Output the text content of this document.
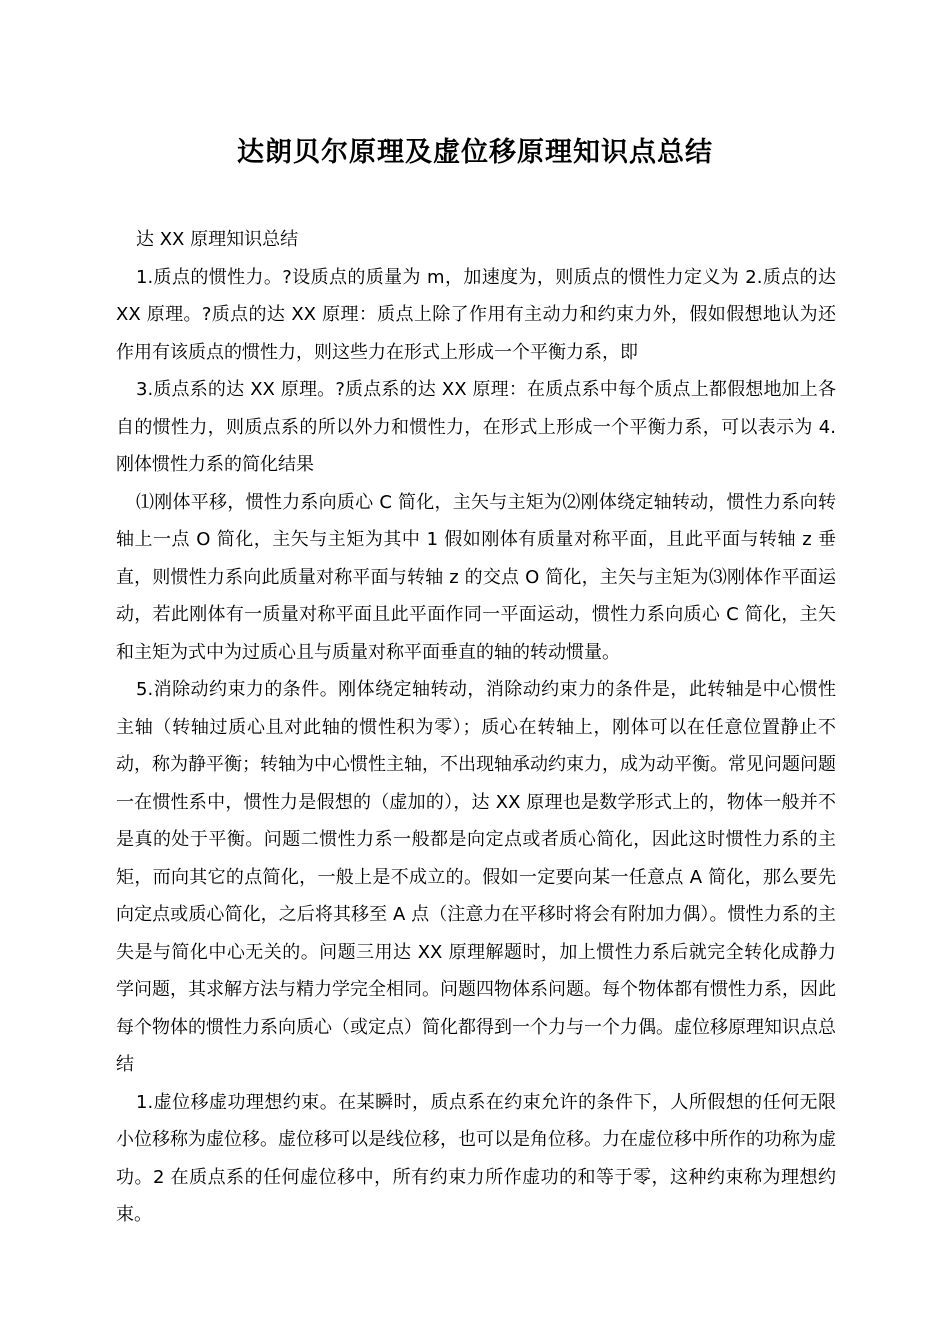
达朗贝尔原理及虚位移原理知识点总结

达 XX 原理知识总结

1.质点的惯性力。?设质点的质量为 m，加速度为，则质点的惯性力定义为 2.质点的达 XX 原理。?质点的达 XX 原理：质点上除了作用有主动力和约束力外，假如假想地认为还作用有该质点的惯性力，则这些力在形式上形成一个平衡力系，即

3.质点系的达 XX 原理。?质点系的达 XX 原理：在质点系中每个质点上都假想地加上各自的惯性力，则质点系的所以外力和惯性力，在形式上形成一个平衡力系，可以表示为 4.刚体惯性力系的简化结果

⑴刚体平移，惯性力系向质心 C 简化，主矢与主矩为⑵刚体绕定轴转动，惯性力系向转轴上一点 O 简化，主矢与主矩为其中 1 假如刚体有质量对称平面，且此平面与转轴 z 垂直，则惯性力系向此质量对称平面与转轴 z 的交点 O 简化，主矢与主矩为⑶刚体作平面运动，若此刚体有一质量对称平面且此平面作同一平面运动，惯性力系向质心 C 简化，主矢和主矩为式中为过质心且与质量对称平面垂直的轴的转动惯量。

5.消除动约束力的条件。刚体绕定轴转动，消除动约束力的条件是，此转轴是中心惯性主轴（转轴过质心且对此轴的惯性积为零）；质心在转轴上，刚体可以在任意位置静止不动，称为静平衡；转轴为中心惯性主轴，不出现轴承动约束力，成为动平衡。常见问题问题一在惯性系中，惯性力是假想的（虚加的），达 XX 原理也是数学形式上的，物体一般并不是真的处于平衡。问题二惯性力系一般都是向定点或者质心简化，因此这时惯性力系的主矩，而向其它的点简化，一般上是不成立的。假如一定要向某一任意点 A 简化，那么要先向定点或质心简化，之后将其移至 A 点（注意力在平移时将会有附加力偶）。惯性力系的主失是与简化中心无关的。问题三用达 XX 原理解题时，加上惯性力系后就完全转化成静力学问题，其求解方法与精力学完全相同。问题四物体系问题。每个物体都有惯性力系，因此每个物体的惯性力系向质心（或定点）简化都得到一个力与一个力偶。虚位移原理知识点总结

1.虚位移虚功理想约束。在某瞬时，质点系在约束允许的条件下，人所假想的任何无限小位移称为虚位移。虚位移可以是线位移，也可以是角位移。力在虚位移中所作的功称为虚功。2 在质点系的任何虚位移中，所有约束力所作虚功的和等于零，这种约束称为理想约束。
